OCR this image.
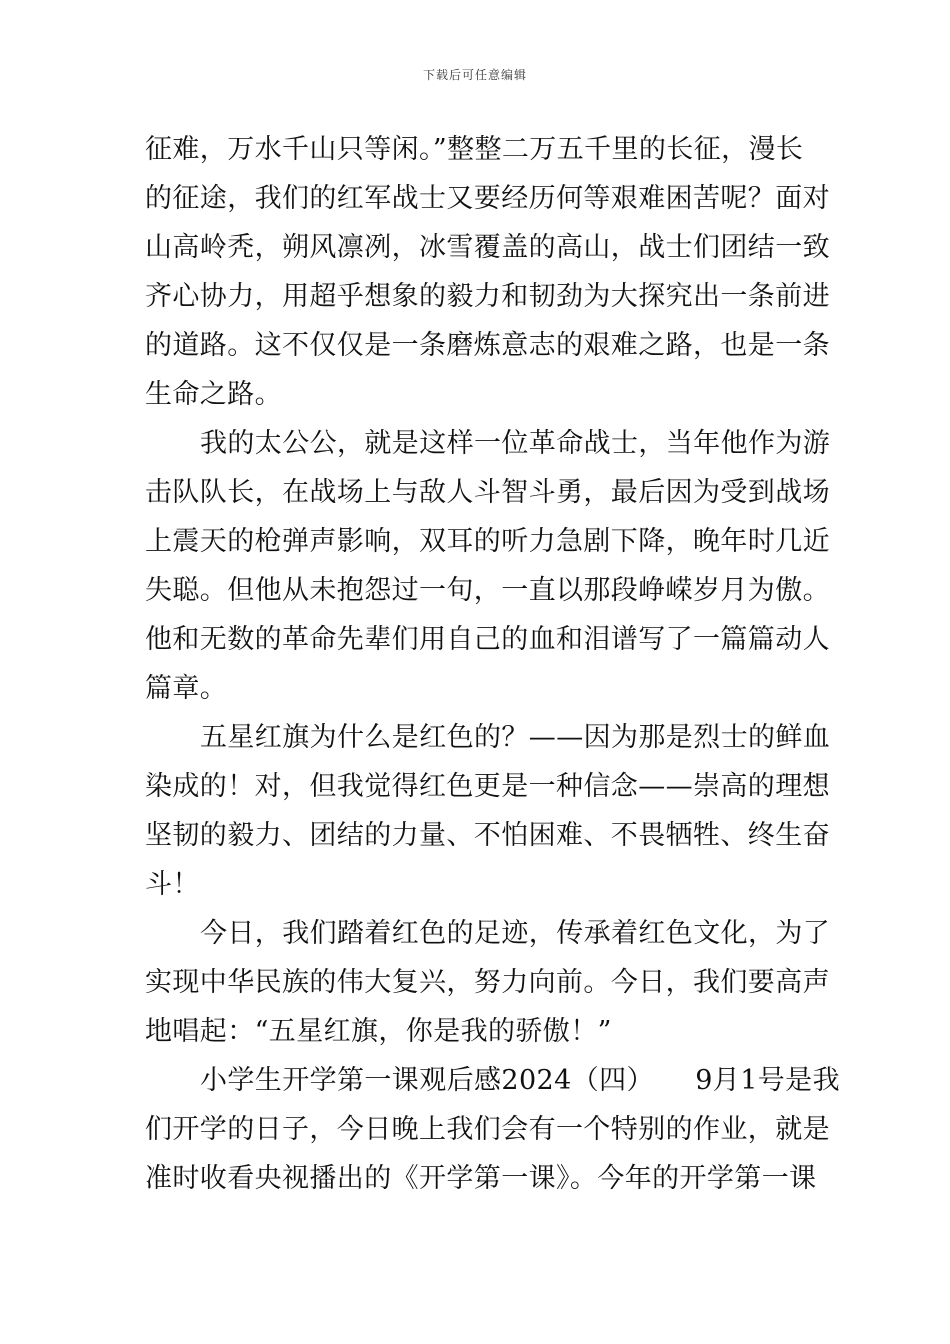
下载后可任意编辑
征难，万水千山只等闲。”整整二万五千里的长征，漫长
的征途，我们的红军战士又要经历何等艰难困苦呢？面对
山高岭秃，朔风凛冽，冰雪覆盖的高山，战士们团结一致
齐心协力，用超乎想象的毅力和韧劲为大探究出一条前进
的道路。这不仅仅是一条磨炼意志的艰难之路，也是一条
生命之路。
我的太公公，就是这样一位革命战士，当年他作为游
击队队长，在战场上与敌人斗智斗勇，最后因为受到战场
上震天的枪弹声影响，双耳的听力急剧下降，晚年时几近
失聪。但他从未抱怨过一句，一直以那段峥嵘岁月为傲。
他和无数的革命先辈们用自己的血和泪谱写了一篇篇动人
篇章。
五星红旗为什么是红色的？——因为那是烈士的鲜血
染成的！对，但我觉得红色更是一种信念——崇高的理想
坚韧的毅力、团结的力量、不怕困难、不畏牺牲、终生奋
斗！
今日，我们踏着红色的足迹，传承着红色文化，为了
实现中华民族的伟大复兴，努力向前。今日，我们要高声
地唱起：“五星红旗，你是我的骄傲！”
小学生开学第一课观后感2024（四）　　9月1号是我
们开学的日子，今日晚上我们会有一个特别的作业，就是
准时收看央视播出的《开学第一课》。今年的开学第一课
